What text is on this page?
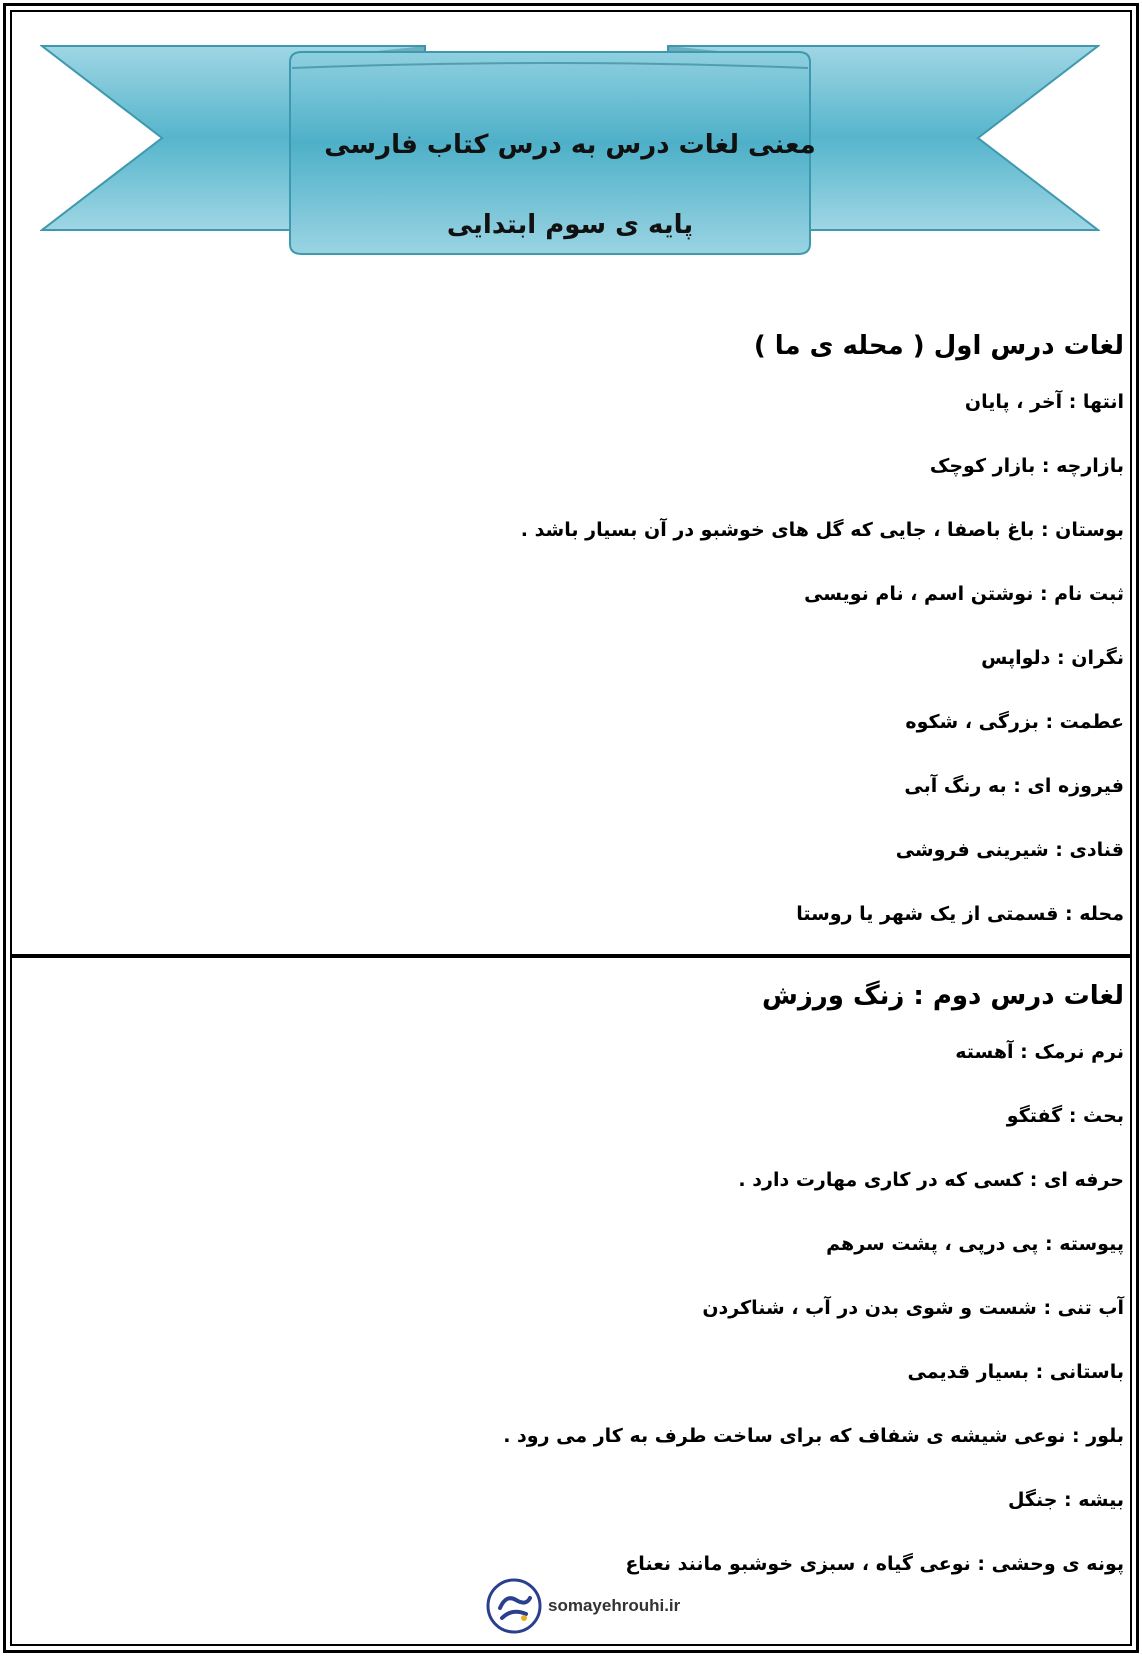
معنی لغات درس به درس کتاب فارسی
پایه ی سوم ابتدایی

لغات درس اول ( محله ی ما )

انتها : آخر ، پایان

بازارچه : بازار کوچک

بوستان : باغ باصفا ، جایی که گل های خوشبو در آن بسیار باشد .

ثبت نام : نوشتن اسم ، نام نویسی

نگران : دلواپس

عطمت : بزرگی ، شکوه

فیروزه ای : به رنگ آبی

قنادی : شیرینی فروشی

محله : قسمتی از یک شهر یا روستا

لغات درس دوم : زنگ ورزش

نرم نرمک : آهسته

بحث : گفتگو

حرفه ای : کسی که در کاری مهارت دارد .

پیوسته : پی درپی ، پشت سرهم

آب تنی : شست و شوی بدن در آب ، شناکردن

باستانی : بسیار قدیمی

بلور : نوعی شیشه ی شفاف که برای ساخت طرف به کار می رود .

بیشه : جنگل

پونه ی وحشی : نوعی گیاه ، سبزی خوشبو مانند نعناع

somayehrouhi.ir
